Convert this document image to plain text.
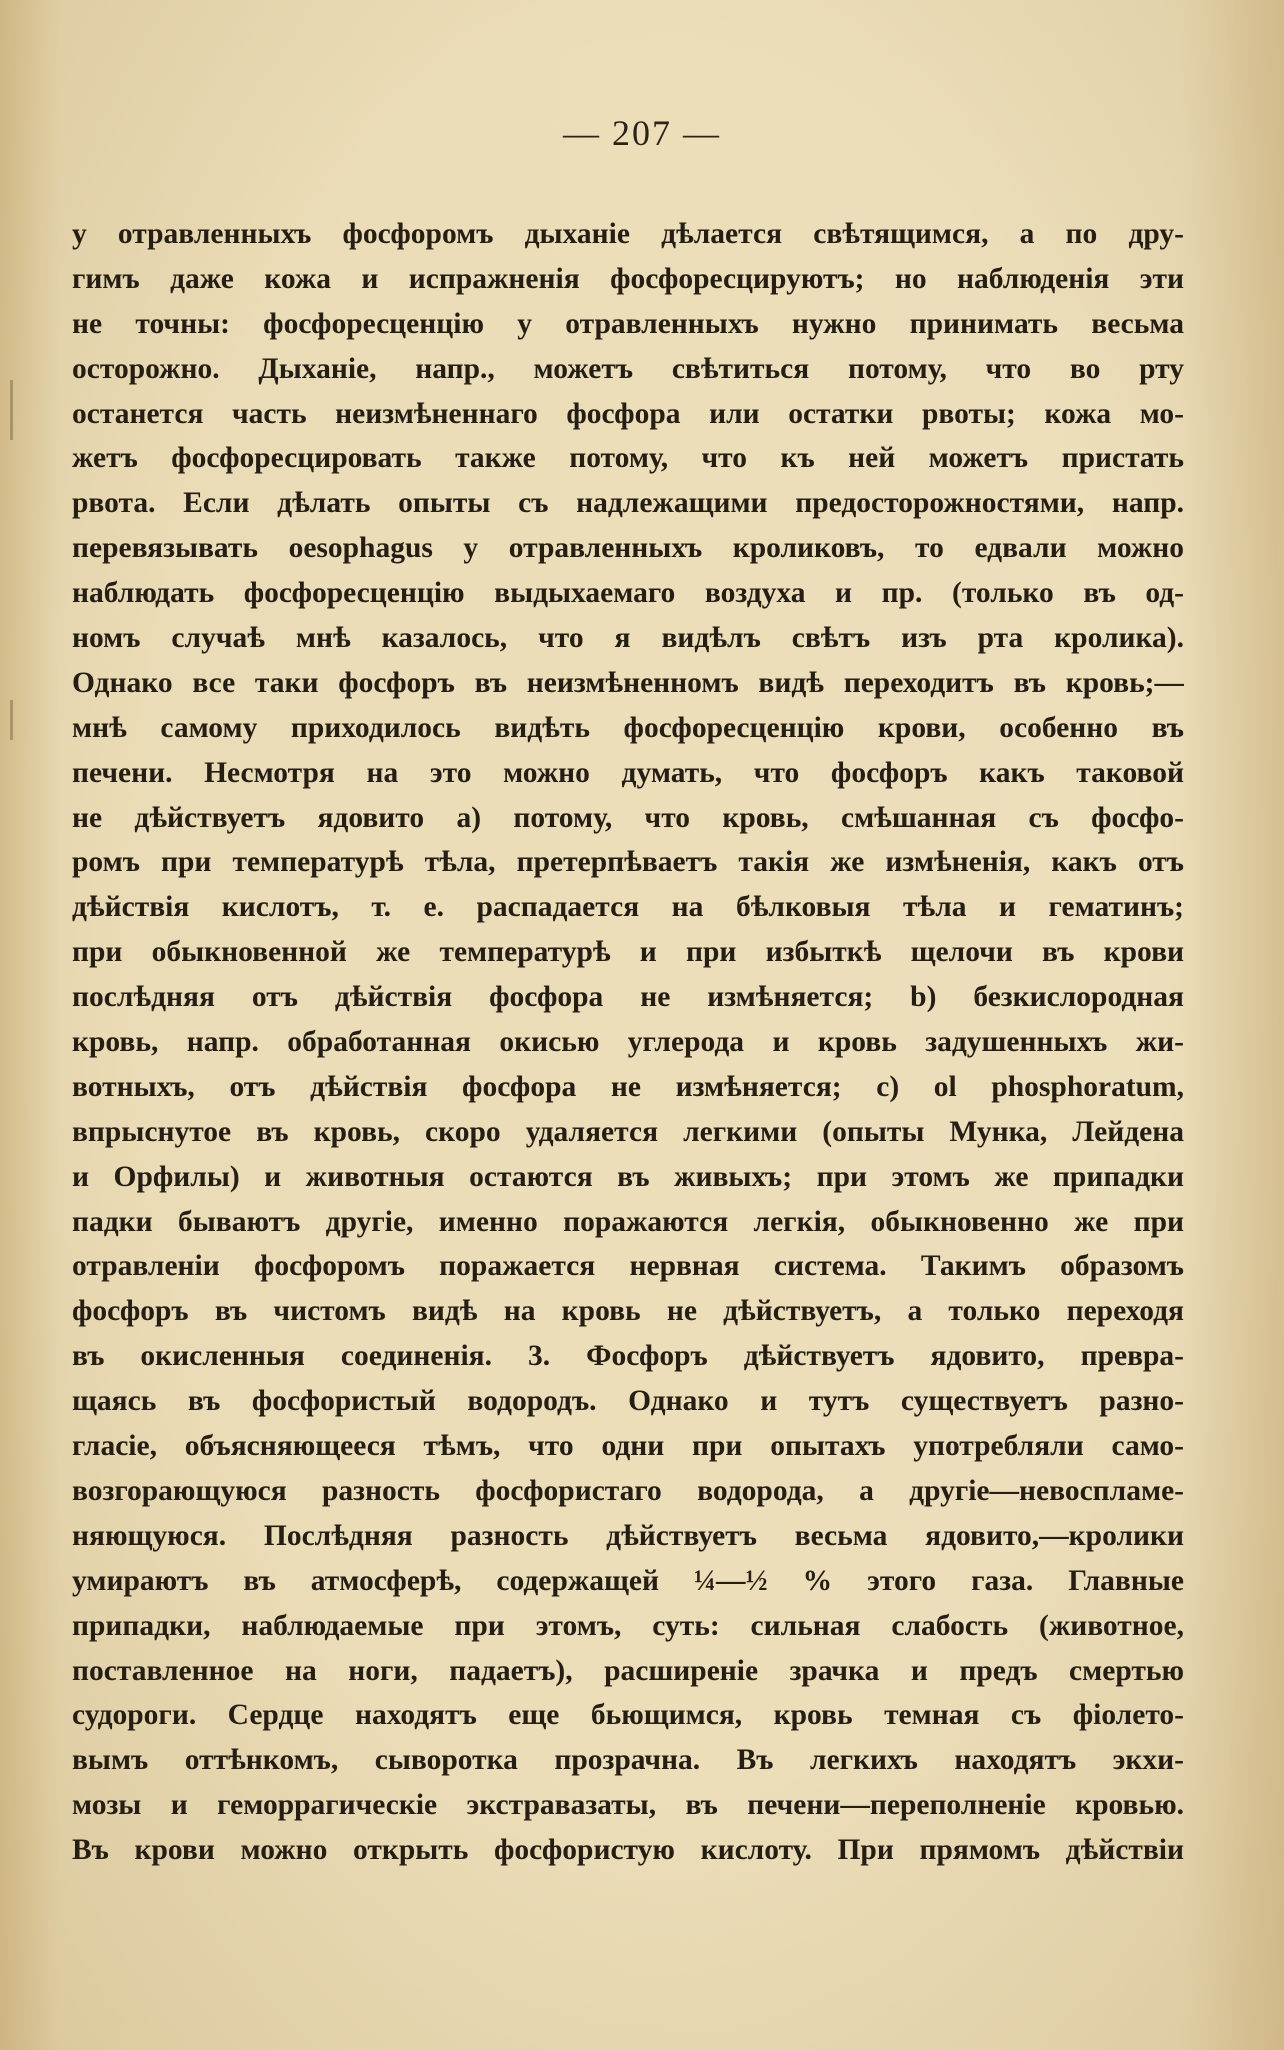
— 207 —
у отравленныхъ фосфоромъ дыханіе дѣлается свѣтящимся, а по дру-
гимъ даже кожа и испражненія фосфоресцируютъ; но наблюденія эти
не точны: фосфоресценцію у отравленныхъ нужно принимать весьма
осторожно. Дыханіе, напр., можетъ свѣтиться потому, что во рту
останется часть неизмѣненнаго фосфора или остатки рвоты; кожа мо-
жетъ фосфоресцировать также потому, что къ ней можетъ пристать
рвота. Если дѣлать опыты съ надлежащими предосторожностями, напр.
перевязывать oesophagus у отравленныхъ кроликовъ, то едвали можно
наблюдать фосфоресценцію выдыхаемаго воздуха и пр. (только въ од-
номъ случаѣ мнѣ казалось, что я видѣлъ свѣтъ изъ рта кролика).
Однако все таки фосфоръ въ неизмѣненномъ видѣ переходитъ въ кровь;—
мнѣ самому приходилось видѣть фосфоресценцію крови, особенно въ
печени. Несмотря на это можно думать, что фосфоръ какъ таковой
не дѣйствуетъ ядовито a) потому, что кровь, смѣшанная съ фосфо-
ромъ при температурѣ тѣла, претерпѣваетъ такія же измѣненія, какъ отъ
дѣйствія кислотъ, т. е. распадается на бѣлковыя тѣла и гематинъ;
при обыкновенной же температурѣ и при избыткѣ щелочи въ крови
послѣдняя отъ дѣйствія фосфора не измѣняется; b) безкислородная
кровь, напр. обработанная окисью углерода и кровь задушенныхъ жи-
вотныхъ, отъ дѣйствія фосфора не измѣняется; c) ol phosphoratum,
впрыснутое въ кровь, скоро удаляется легкими (опыты Мунка, Лейдена
и Орфилы) и животныя остаются въ живыхъ; при этомъ же припадки
падки бываютъ другіе, именно поражаются легкія, обыкновенно же при
отравленіи фосфоромъ поражается нервная система. Такимъ образомъ
фосфоръ въ чистомъ видѣ на кровь не дѣйствуетъ, а только переходя
въ окисленныя соединенія. 3. Фосфоръ дѣйствуетъ ядовито, превра-
щаясь въ фосфористый водородъ. Однако и тутъ существуетъ разно-
гласіе, объясняющееся тѣмъ, что одни при опытахъ употребляли само-
возгорающуюся разность фосфористаго водорода, а другіе—невоспламе-
няющуюся. Послѣдняя разность дѣйствуетъ весьма ядовито,—кролики
умираютъ въ атмосферѣ, содержащей ¼—½ % этого газа. Главные
припадки, наблюдаемые при этомъ, суть: сильная слабость (животное,
поставленное на ноги, падаетъ), расширеніе зрачка и предъ смертью
судороги. Сердце находятъ еще бьющимся, кровь темная съ фіолето-
вымъ оттѣнкомъ, сыворотка прозрачна. Въ легкихъ находятъ экхи-
мозы и геморрагическіе экстравазаты, въ печени—переполненіе кровью.
Въ крови можно открыть фосфористую кислоту. При прямомъ дѣйствіи
